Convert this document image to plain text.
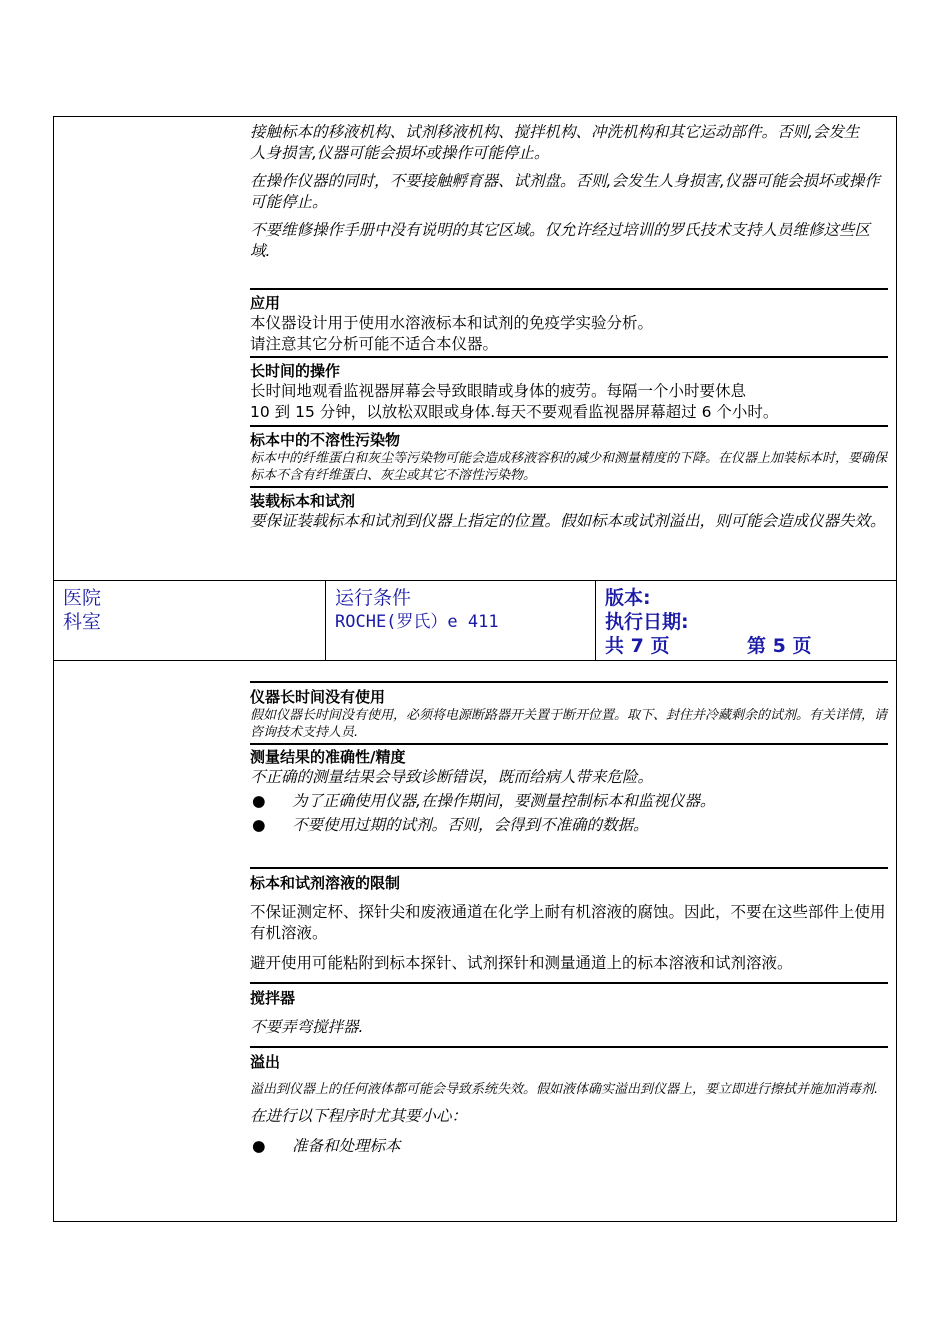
接触标本的移液机构、试剂移液机构、搅拌机构、冲洗机构和其它运动部件。否则,会发生人身损害,仪器可能会损坏或操作可能停止。

在操作仪器的同时，不要接触孵育器、试剂盘。否则,会发生人身损害,仪器可能会损坏或操作可能停止。

不要维修操作手册中没有说明的其它区域。仅允许经过培训的罗氏技术支持人员维修这些区域.

应用

本仪器设计用于使用水溶液标本和试剂的免疫学实验分析。

请注意其它分析可能不适合本仪器。

长时间的操作

长时间地观看监视器屏幕会导致眼睛或身体的疲劳。每隔一个小时要休息

10 到 15 分钟，以放松双眼或身体.每天不要观看监视器屏幕超过 6 个小时。

标本中的不溶性污染物

标本中的纤维蛋白和灰尘等污染物可能会造成移液容积的减少和测量精度的下降。在仪器上加装标本时，要确保标本不含有纤维蛋白、灰尘或其它不溶性污染物。

装载标本和试剂

要保证装载标本和试剂到仪器上指定的位置。假如标本或试剂溢出，则可能会造成仪器失效。

医院
科室
运行条件
ROCHE(罗氏）e 411
版本:
执行日期:
共 7 页	第 5 页

仪器长时间没有使用

假如仪器长时间没有使用，必须将电源断路器开关置于断开位置。取下、封住并冷藏剩余的试剂。有关详情，请咨询技术支持人员.

测量结果的准确性/精度

不正确的测量结果会导致诊断错误，既而给病人带来危险。

● 为了正确使用仪器,在操作期间，要测量控制标本和监视仪器。

● 不要使用过期的试剂。否则，会得到不准确的数据。

标本和试剂溶液的限制

不保证测定杯、探针尖和废液通道在化学上耐有机溶液的腐蚀。因此，不要在这些部件上使用有机溶液。

避开使用可能粘附到标本探针、试剂探针和测量通道上的标本溶液和试剂溶液。

搅拌器

不要弄弯搅拌器.

溢出

溢出到仪器上的任何液体都可能会导致系统失效。假如液体确实溢出到仪器上，要立即进行擦拭并施加消毒剂.

在进行以下程序时尤其要小心：

● 准备和处理标本
